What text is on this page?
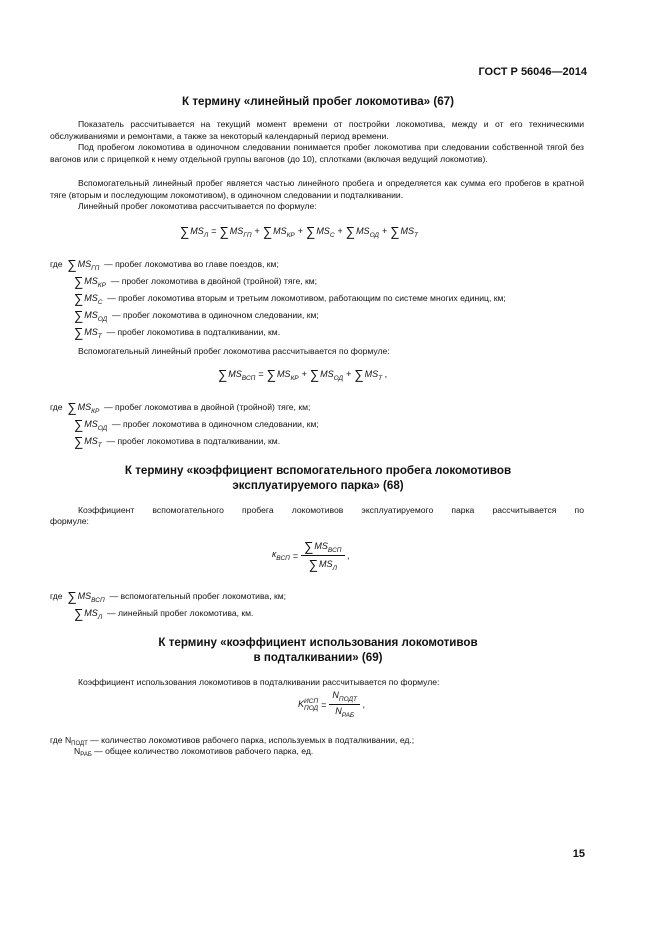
ГОСТ Р 56046—2014
К термину «линейный пробег локомотива» (67)
Показатель рассчитывается на текущий момент времени от постройки локомотива, между и от его техническими обслуживаниями и ремонтами, а также за некоторый календарный период времени.
Под пробегом локомотива в одиночном следовании понимается пробег локомотива при следовании собственной тягой без вагонов или с прицепкой к нему отдельной группы вагонов (до 10), сплотками (включая ведущий локомотив).
Вспомогательный линейный пробег является частью линейного пробега и определяется как сумма его пробегов в кратной тяге (вторым и последующим локомотивом), в одиночном следовании и подталкивании.
Линейный пробег локомотива рассчитывается по формуле:
$\sum MS_Л = \sum MS_{ГП} + \sum MS_{КР} + \sum MS_С + \sum MS_{ОД} + \sum MS_Т$
где $\sum MS_{ГП}$ — пробег локомотива во главе поездов, км;
$\sum MS_{КР}$ — пробег локомотива в двойной (тройной) тяге, км;
$\sum MS_С$ — пробег локомотива вторым и третьим локомотивом, работающим по системе многих единиц, км;
$\sum MS_{ОД}$ — пробег локомотива в одиночном следовании, км;
$\sum MS_Т$ — пробег локомотива в подталкивании, км.
Вспомогательный линейный пробег локомотива рассчитывается по формуле:
$\sum MS_{ВСП} = \sum MS_{КР} + \sum MS_{ОД} + \sum MS_Т$ ,
где $\sum MS_{КР}$ — пробег локомотива в двойной (тройной) тяге, км;
$\sum MS_{ОД}$ — пробег локомотива в одиночном следовании, км;
$\sum MS_Т$ — пробег локомотива в подталкивании, км.
К термину «коэффициент вспомогательного пробега локомотивов
эксплуатируемого парка» (68)
Коэффициент вспомогательного пробега локомотивов эксплуатируемого парка рассчитывается по
формуле:
$к_{ВСП} = \frac{\sum MS_{ВСП}}{\sum MS_Л}$ ,
где $\sum MS_{ВСП}$ — вспомогательный пробег локомотива, км;
$\sum MS_Л$ — линейный пробег локомотива, км.
К термину «коэффициент использования локомотивов
в подталкивании» (69)
Коэффициент использования локомотивов в подталкивании рассчитывается по формуле:
K ИСП
ПОД = $\frac{N_{ПОДТ}}{N_{РАБ}}$ ,
где $N_{ПОДТ}$ — количество локомотивов рабочего парка, используемых в подталкивании, ед.;
$N_{РАБ}$ — общее количество локомотивов рабочего парка, ед.
15
